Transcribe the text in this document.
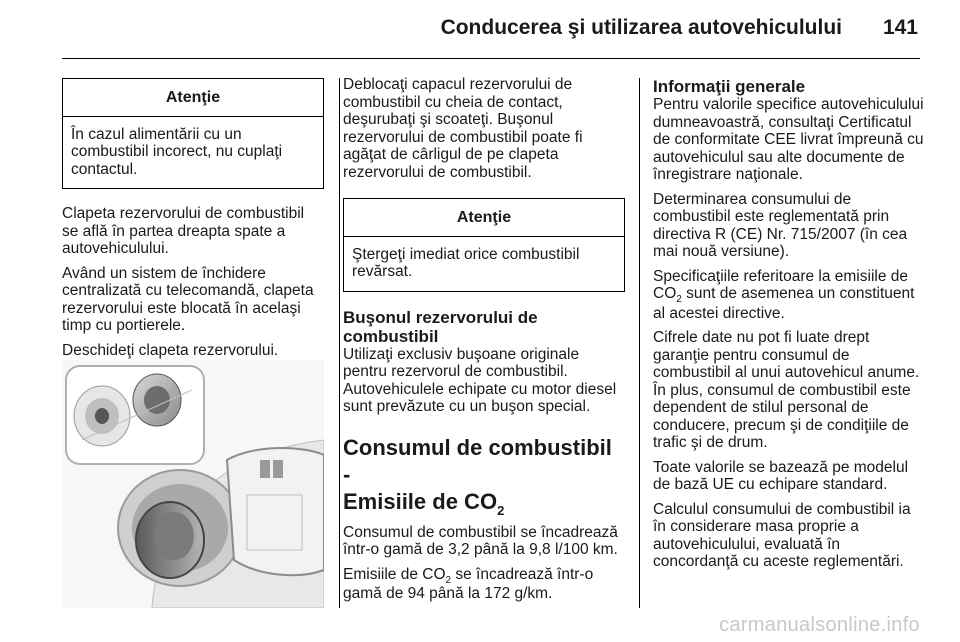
Conducerea şi utilizarea autovehiculului 141
Atenţie
În cazul alimentării cu un combustibil incorect, nu cuplaţi contactul.

Clapeta rezervorului de combustibil se află în partea dreapta spate a autovehiculului.

Având un sistem de închidere centralizată cu telecomandă, clapeta rezervorului este blocată în acelaşi timp cu portierele.

Deschideţi clapeta rezervorului.

Deblocaţi capacul rezervorului de combustibil cu cheia de contact, deşurubaţi şi scoateţi. Buşonul rezervorului de combustibil poate fi agăţat de cârligul de pe clapeta rezervorului de combustibil.

Atenţie
Ştergeţi imediat orice combustibil revărsat.
Buşonul rezervorului de combustibil

Utilizaţi exclusiv buşoane originale pentru rezervorul de combustibil. Autovehiculele echipate cu motor diesel sunt prevăzute cu un buşon special.

Consumul de combustibil -
Emisiile de $CO_2$

Consumul de combustibil se încadrează într-o gamă de 3,2 până la 9,8 l/100 km.

Emisiile de $CO_2$ se încadrează într-o gamă de 94 până la 172 g/km.

Informaţii generale

Pentru valorile specifice autovehiculului dumneavoastră, consultaţi Certificatul de conformitate CEE livrat împreună cu autovehiculul sau alte documente de înregistrare naţionale.

Determinarea consumului de combustibil este reglementată prin directiva R (CE) Nr. 715/2007 (în cea mai nouă versiune).

Specificaţiile referitoare la emisiile de $CO_2$ sunt de asemenea un constituent al acestei directive.

Cifrele date nu pot fi luate drept garanţie pentru consumul de combustibil al unui autovehicul anume. În plus, consumul de combustibil este dependent de stilul personal de conducere, precum şi de condiţiile de trafic şi de drum.

Toate valorile se bazează pe modelul de bază UE cu echipare standard.

Calculul consumului de combustibil ia în considerare masa proprie a autovehiculului, evaluată în concordanţă cu aceste reglementări.

carmanualsonline.info
